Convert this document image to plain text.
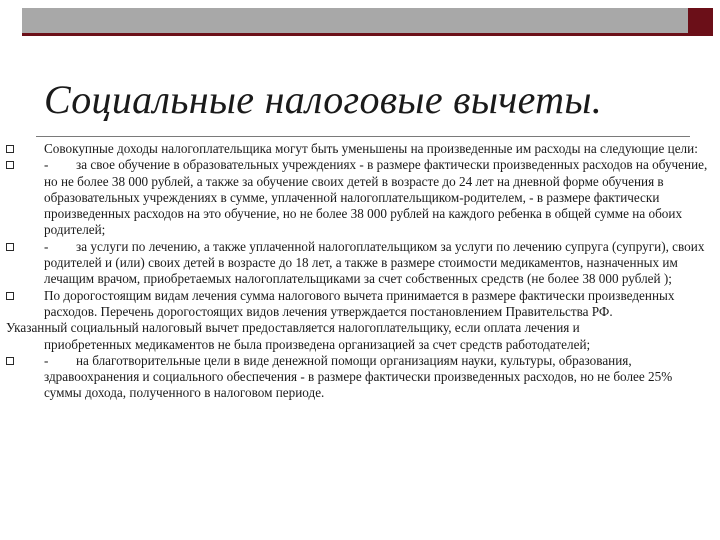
Социальные налоговые вычеты.
Совокупные доходы налогоплательщика могут быть уменьшены на произведенные им расходы на следующие цели:
- за свое обучение в образовательных учреждениях - в размере фактически произведенных расходов на обучение, но не более 38 000 рублей, а также за обучение своих детей в возрасте до 24 лет на дневной форме обучения в образовательных учреждениях в сумме, уплаченной налогоплательщиком-родителем, - в размере фактически произведенных расходов на это обучение, но не более 38 000 рублей на каждого ребенка в общей сумме на обоих родителей;
- за услуги по лечению, а также уплаченной налогоплательщиком за услуги по лечению супруга (супруги), своих родителей и (или) своих детей в возрасте до 18 лет, а также в размере стоимости медикаментов, назначенных им лечащим врачом, приобретаемых налогоплательщиками за счет собственных средств (не более 38 000 рублей );
По дорогостоящим видам лечения сумма налогового вычета принимается в размере фактически произведенных расходов. Перечень дорогостоящих видов лечения утверждается постановлением Правительства РФ.
Указанный социальный налоговый вычет предоставляется налогоплательщику, если оплата лечения и
приобретенных медикаментов не была произведена организацией за счет средств работодателей;
- на благотворительные цели в виде денежной помощи организациям науки, культуры, образования, здравоохранения и социального обеспечения - в размере фактически произведенных расходов, но не более 25% суммы дохода, полученного в налоговом периоде.
